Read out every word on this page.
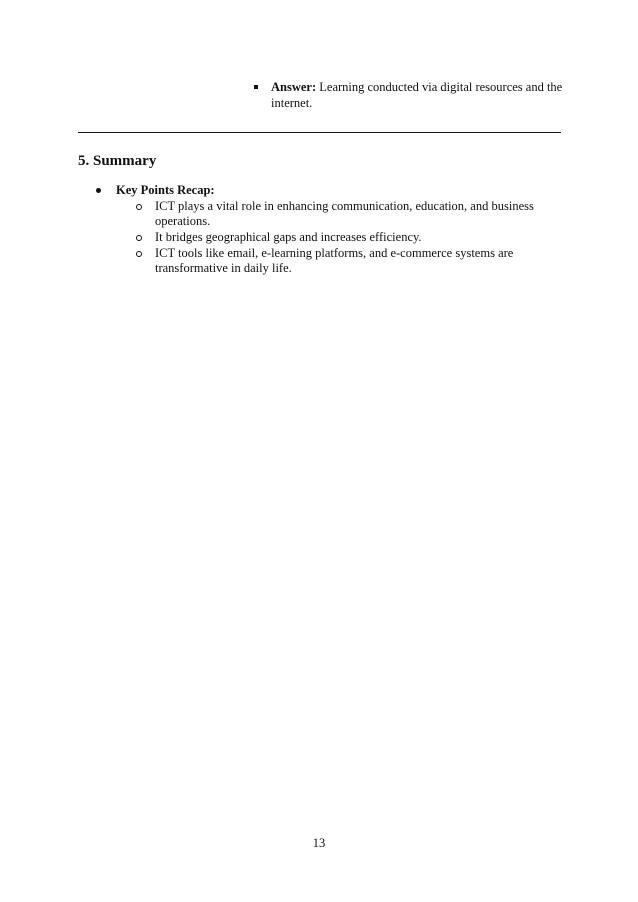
Answer: Learning conducted via digital resources and the internet.
5. Summary
Key Points Recap:
ICT plays a vital role in enhancing communication, education, and business operations.
It bridges geographical gaps and increases efficiency.
ICT tools like email, e-learning platforms, and e-commerce systems are transformative in daily life.
13
